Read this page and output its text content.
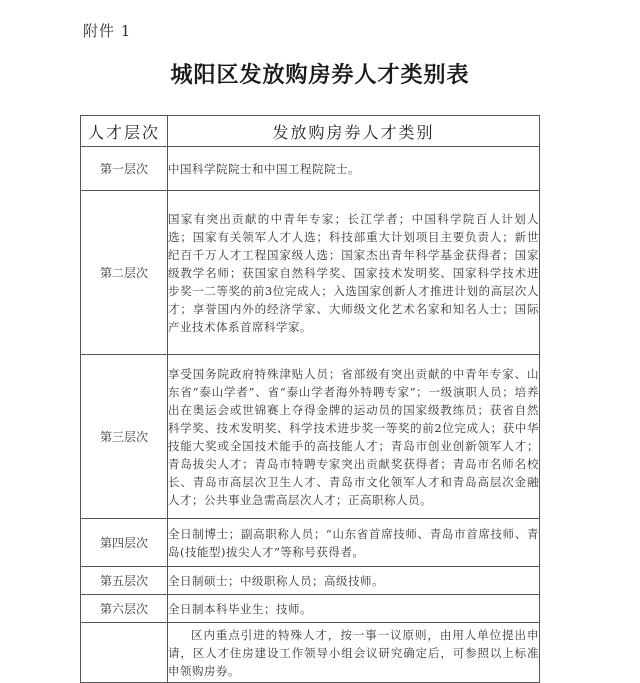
附件 1
城阳区发放购房券人才类别表
人才层次	发放购房券人才类别
第一层次	中国科学院院士和中国工程院院士。
第二层次	国家有突出贡献的中青年专家；长江学者；中国科学院百人计划人选；国家有关领军人才人选；科技部重大计划项目主要负责人；新世纪百千万人才工程国家级人选；国家杰出青年科学基金获得者；国家级教学名师；获国家自然科学奖、国家技术发明奖、国家科学技术进步奖一二等奖的前3位完成人；入选国家创新人才推进计划的高层次人才；享誉国内外的经济学家、大师级文化艺术名家和知名人士；国际产业技术体系首席科学家。
第三层次	享受国务院政府特殊津贴人员；省部级有突出贡献的中青年专家、山东省“泰山学者”、省“泰山学者海外特聘专家”；一级演职人员；培养出在奥运会或世锦赛上夺得金牌的运动员的国家级教练员；获省自然科学奖、技术发明奖、科学技术进步奖一等奖的前2位完成人；获中华技能大奖或全国技术能手的高技能人才；青岛市创业创新领军人才；青岛拔尖人才；青岛市特聘专家突出贡献奖获得者；青岛市名师名校长、青岛市高层次卫生人才、青岛市文化领军人才和青岛高层次金融人才；公共事业急需高层次人才；正高职称人员。
第四层次	全日制博士；副高职称人员；“山东省首席技师、青岛市首席技师、青岛(技能型)拔尖人才”等称号获得者。
第五层次	全日制硕士；中级职称人员；高级技师。
第六层次	全日制本科毕业生；技师。
	区内重点引进的特殊人才，按一事一议原则，由用人单位提出申请，区人才住房建设工作领导小组会议研究确定后，可参照以上标准申领购房券。
